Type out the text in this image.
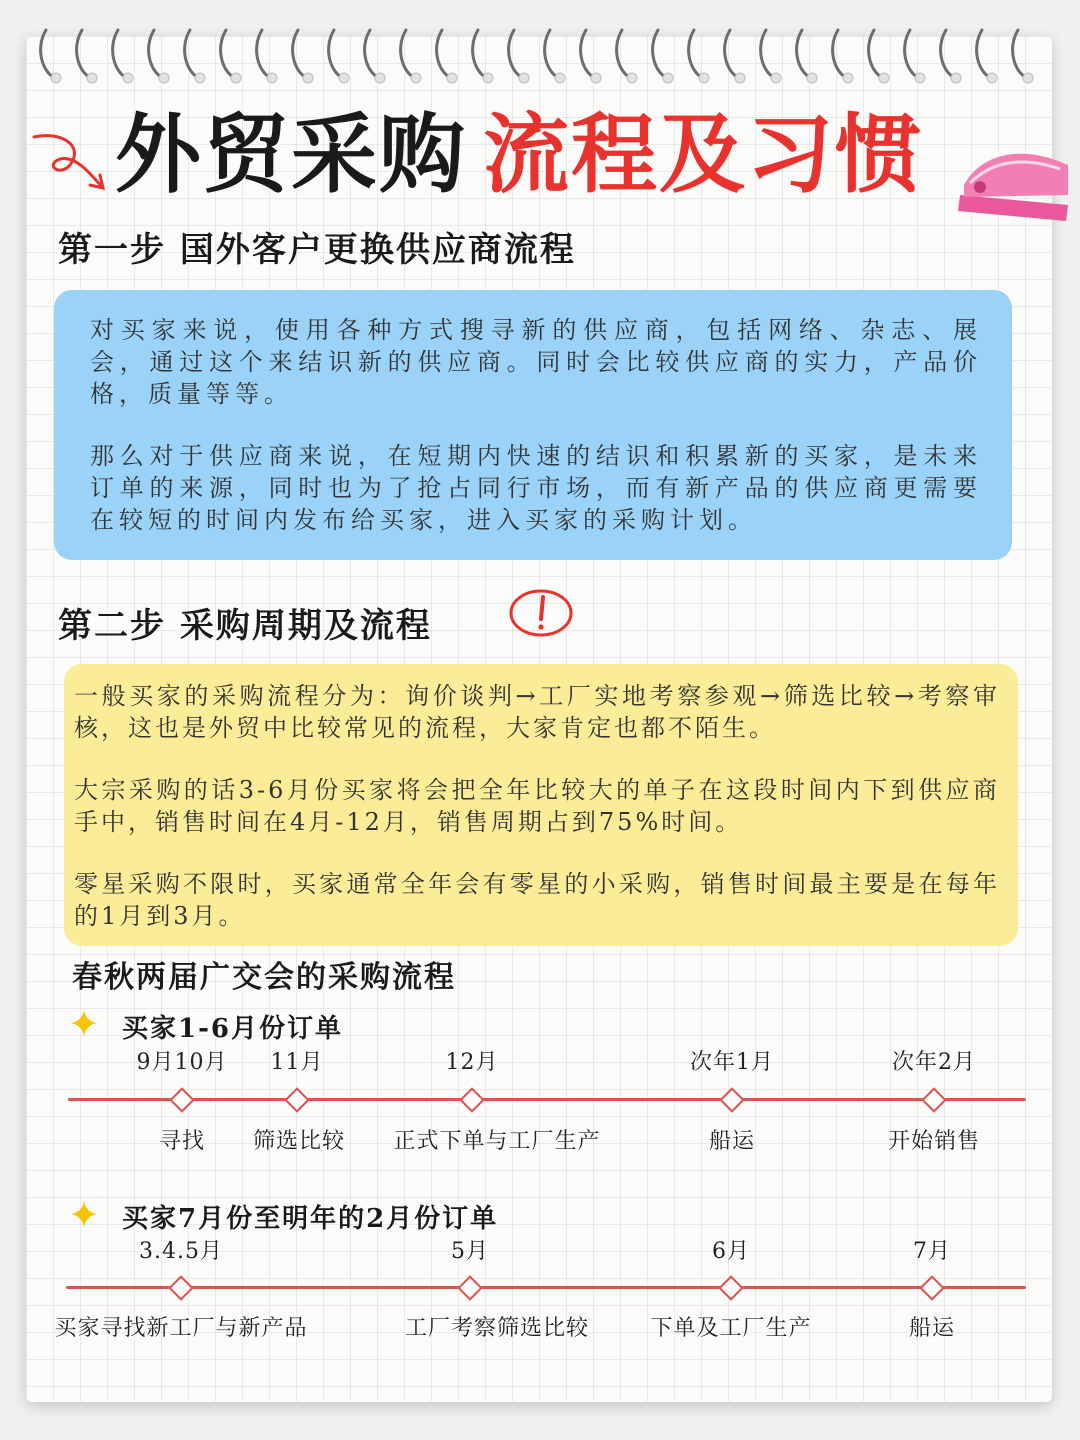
外贸采购 流程及习惯
第一步 国外客户更换供应商流程

对买家来说，使用各种方式搜寻新的供应商，包括网络、杂志、展会，通过这个来结识新的供应商。同时会比较供应商的实力，产品价格，质量等等。

那么对于供应商来说，在短期内快速的结识和积累新的买家，是未来订单的来源，同时也为了抢占同行市场，而有新产品的供应商更需要在较短的时间内发布给买家，进入买家的采购计划。

第二步 采购周期及流程

一般买家的采购流程分为：询价谈判→工厂实地考察参观→筛选比较→考察审核，这也是外贸中比较常见的流程，大家肯定也都不陌生。

大宗采购的话3-6月份买家将会把全年比较大的单子在这段时间内下到供应商手中，销售时间在4月-12月，销售周期占到75%时间。

零星采购不限时，买家通常全年会有零星的小采购，销售时间最主要是在每年的1月到3月。

春秋两届广交会的采购流程
✦ 买家1-6月份订单
9月10月 11月	12月	次年1月	次年2月
寻找 筛选比较 正式下单与工厂生产	船运	开始销售
✦ 买家7月份至明年的2月份订单
3.4.5月	5月	6月	7月
买家寻找新工厂与新产品	工厂考察筛选比较	下单及工厂生产	船运
